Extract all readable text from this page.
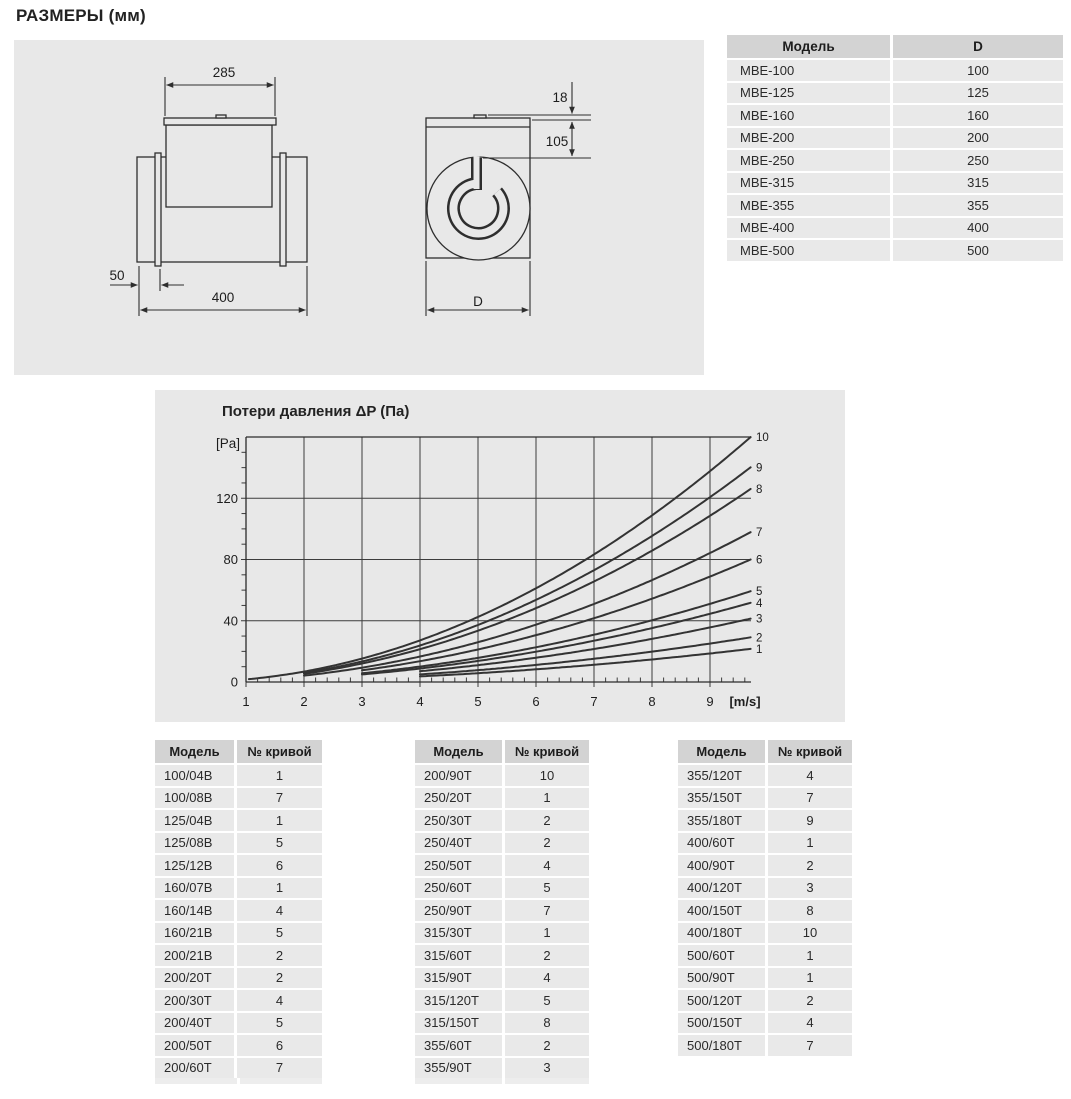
РАЗМЕРЫ (мм)
285
400
50
18
105
D
Модель	D
MBE-100	100
MBE-125	125
MBE-160	160
MBE-200	200
MBE-250	250
MBE-315	315
MBE-355	355
MBE-400	400
MBE-500	500
Потери давления ΔP (Па)
1	2	3	4	5	6	7	8	9
0
40
80
120
[Pa]
[m/s]
1
2
3
4
5
6
7
8
9
10
Модель	№ кривой
100/04B	1
100/08B	7
125/04B	1
125/08B	5
125/12B	6
160/07B	1
160/14B	4
160/21B	5
200/21B	2
200/20T	2
200/30T	4
200/40T	5
200/50T	6
200/60T	7
Модель	№ кривой
200/90T	10
250/20T	1
250/30T	2
250/40T	2
250/50T	4
250/60T	5
250/90T	7
315/30T	1
315/60T	2
315/90T	4
315/120T	5
315/150T	8
355/60T	2
355/90T	3
Модель	№ кривой
355/120T	4
355/150T	7
355/180T	9
400/60T	1
400/90T	2
400/120T	3
400/150T	8
400/180T	10
500/60T	1
500/90T	1
500/120T	2
500/150T	4
500/180T	7
